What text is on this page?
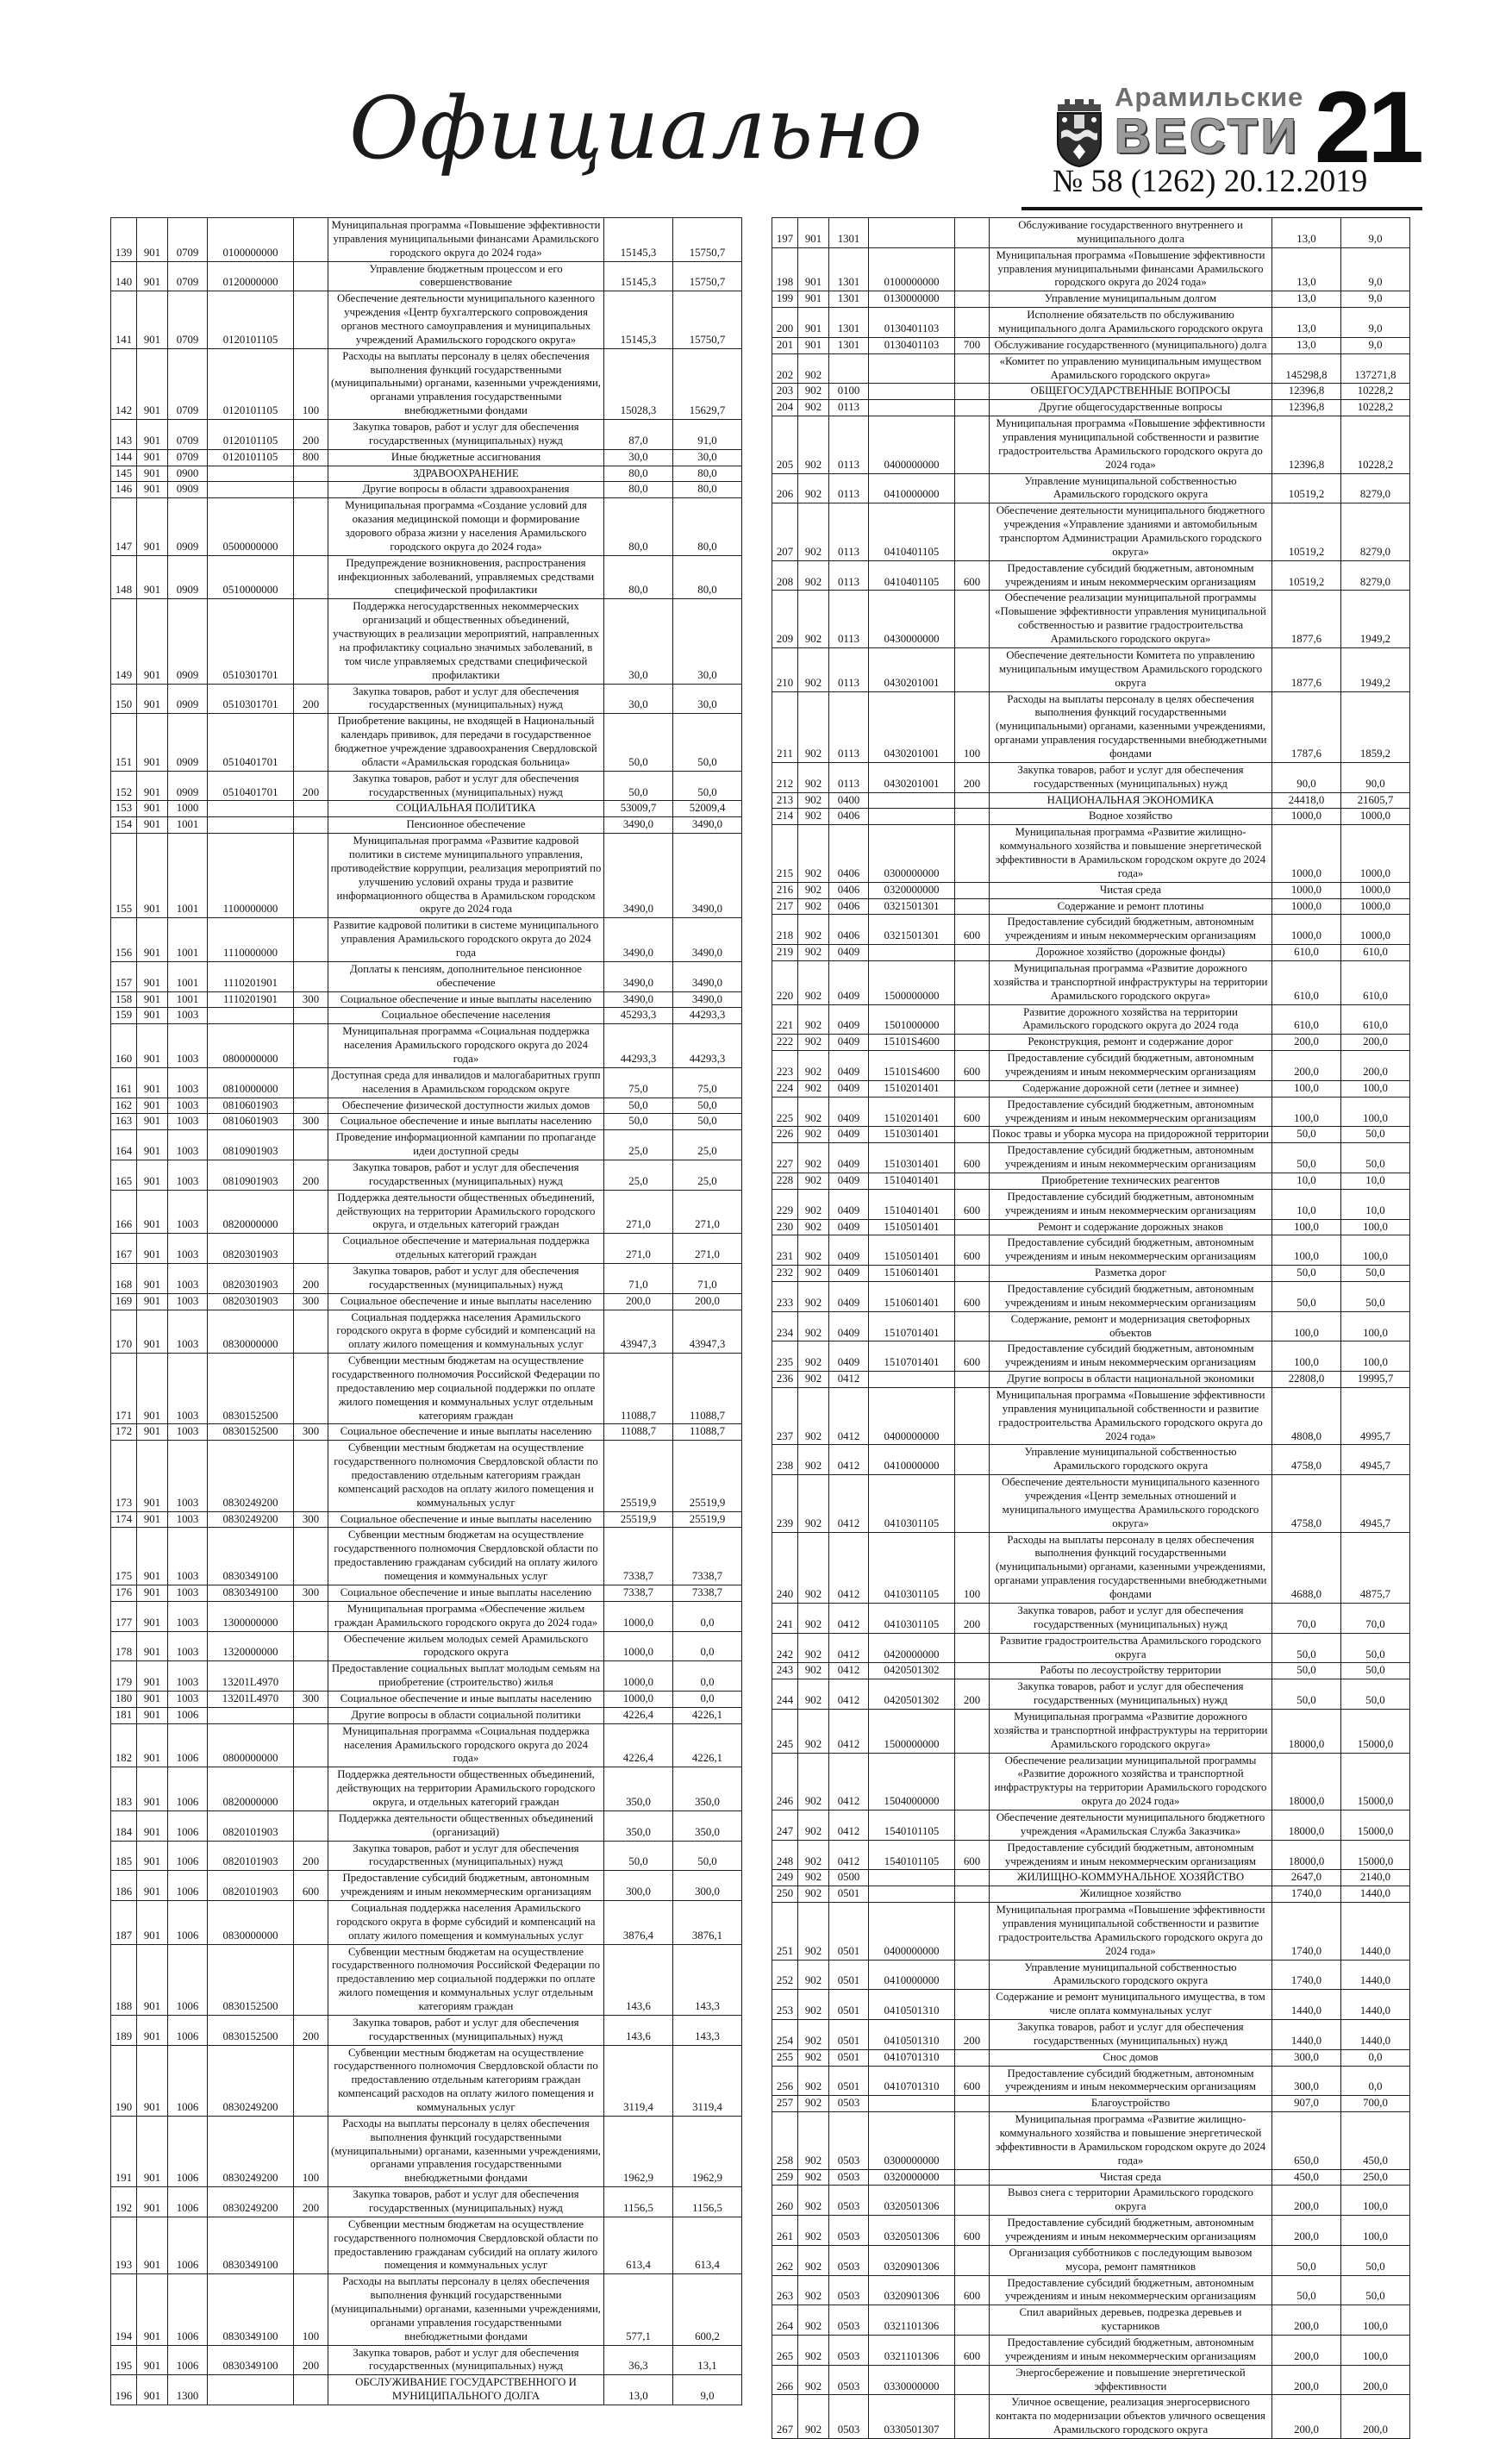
Официально	Арамильские
ВЕСТИ 21
№ 58 (1262) 20.12.2019
139	901	0709	0100000000		Муниципальная программа «Повышение эффективности управления муниципальными финансами Арамильского городского округа до 2024 года»	15145,3	15750,7
140	901	0709	0120000000		Управление бюджетным процессом и его совершенствование	15145,3	15750,7
141	901	0709	0120101105		Обеспечение деятельности муниципального казенного учреждения «Центр бухгалтерского сопровождения органов местного самоуправления и муниципальных учреждений Арамильского городского округа»	15145,3	15750,7
142	901	0709	0120101105	100	Расходы на выплаты персоналу в целях обеспечения выполнения функций государственными (муниципальными) органами, казенными учреждениями, органами управления государственными внебюджетными фондами	15028,3	15629,7
143	901	0709	0120101105	200	Закупка товаров, работ и услуг для обеспечения государственных (муниципальных) нужд	87,0	91,0
144	901	0709	0120101105	800	Иные бюджетные ассигнования	30,0	30,0
145	901	0900			ЗДРАВООХРАНЕНИЕ	80,0	80,0
146	901	0909			Другие вопросы в области здравоохранения	80,0	80,0
147	901	0909	0500000000		Муниципальная программа «Создание условий для оказания медицинской помощи и формирование здорового образа жизни у населения Арамильского городского округа до 2024 года»	80,0	80,0
148	901	0909	0510000000		Предупреждение возникновения, распространения инфекционных заболеваний, управляемых средствами специфической профилактики	80,0	80,0
149	901	0909	0510301701		Поддержка негосударственных некоммерческих организаций и общественных объединений, участвующих в реализации мероприятий, направленных на профилактику социально значимых заболеваний, в том числе управляемых средствами специфической профилактики	30,0	30,0
150	901	0909	0510301701	200	Закупка товаров, работ и услуг для обеспечения государственных (муниципальных) нужд	30,0	30,0
151	901	0909	0510401701		Приобретение вакцины, не входящей в Национальный календарь прививок, для передачи в государственное бюджетное учреждение здравоохранения Свердловской области «Арамильская городская больница»	50,0	50,0
152	901	0909	0510401701	200	Закупка товаров, работ и услуг для обеспечения государственных (муниципальных) нужд	50,0	50,0
153	901	1000			СОЦИАЛЬНАЯ ПОЛИТИКА	53009,7	52009,4
154	901	1001			Пенсионное обеспечение	3490,0	3490,0
155	901	1001	1100000000		Муниципальная программа «Развитие кадровой политики в системе муниципального управления, противодействие коррупции, реализация мероприятий по улучшению условий охраны труда и развитие информационного общества в Арамильском городском округе до 2024 года	3490,0	3490,0
156	901	1001	1110000000		Развитие кадровой политики в системе муниципального управления Арамильского городского округа до 2024 года	3490,0	3490,0
157	901	1001	1110201901		Доплаты к пенсиям, дополнительное пенсионное обеспечение	3490,0	3490,0
158	901	1001	1110201901	300	Социальное обеспечение и иные выплаты населению	3490,0	3490,0
159	901	1003			Социальное обеспечение населения	45293,3	44293,3
160	901	1003	0800000000		Муниципальная программа «Социальная поддержка населения Арамильского городского округа до 2024 года»	44293,3	44293,3
161	901	1003	0810000000		Доступная среда для инвалидов и малогабаритных групп населения в Арамильском городском округе	75,0	75,0
162	901	1003	0810601903		Обеспечение физической доступности жилых домов	50,0	50,0
163	901	1003	0810601903	300	Социальное обеспечение и иные выплаты населению	50,0	50,0
164	901	1003	0810901903		Проведение информационной кампании по пропаганде идеи доступной среды	25,0	25,0
165	901	1003	0810901903	200	Закупка товаров, работ и услуг для обеспечения государственных (муниципальных) нужд	25,0	25,0
166	901	1003	0820000000		Поддержка деятельности общественных объединений, действующих на территории Арамильского городского округа, и отдельных категорий граждан	271,0	271,0
167	901	1003	0820301903		Социальное обеспечение и материальная поддержка отдельных категорий граждан	271,0	271,0
168	901	1003	0820301903	200	Закупка товаров, работ и услуг для обеспечения государственных (муниципальных) нужд	71,0	71,0
169	901	1003	0820301903	300	Социальное обеспечение и иные выплаты населению	200,0	200,0
170	901	1003	0830000000		Социальная поддержка населения Арамильского городского округа в форме субсидий и компенсаций на оплату жилого помещения и коммунальных услуг	43947,3	43947,3
171	901	1003	0830152500		Субвенции местным бюджетам на осуществление государственного полномочия Российской Федерации по предоставлению мер социальной поддержки по оплате жилого помещения и коммунальных услуг отдельным категориям граждан	11088,7	11088,7
172	901	1003	0830152500	300	Социальное обеспечение и иные выплаты населению	11088,7	11088,7
173	901	1003	0830249200		Субвенции местным бюджетам на осуществление государственного полномочия Свердловской области по предоставлению отдельным категориям граждан компенсаций расходов на оплату жилого помещения и коммунальных услуг	25519,9	25519,9
174	901	1003	0830249200	300	Социальное обеспечение и иные выплаты населению	25519,9	25519,9
175	901	1003	0830349100		Субвенции местным бюджетам на осуществление государственного полномочия Свердловской области по предоставлению гражданам субсидий на оплату жилого помещения и коммунальных услуг	7338,7	7338,7
176	901	1003	0830349100	300	Социальное обеспечение и иные выплаты населению	7338,7	7338,7
177	901	1003	1300000000		Муниципальная программа «Обеспечение жильем граждан Арамильского городского округа до 2024 года»	1000,0	0,0
178	901	1003	1320000000		Обеспечение жильем молодых семей Арамильского городского округа	1000,0	0,0
179	901	1003	13201L4970		Предоставление социальных выплат молодым семьям на приобретение (строительство) жилья	1000,0	0,0
180	901	1003	13201L4970	300	Социальное обеспечение и иные выплаты населению	1000,0	0,0
181	901	1006			Другие вопросы в области социальной политики	4226,4	4226,1
182	901	1006	0800000000		Муниципальная программа «Социальная поддержка населения Арамильского городского округа до 2024 года»	4226,4	4226,1
183	901	1006	0820000000		Поддержка деятельности общественных объединений, действующих на территории Арамильского городского округа, и отдельных категорий граждан	350,0	350,0
184	901	1006	0820101903		Поддержка деятельности общественных объединений (организаций)	350,0	350,0
185	901	1006	0820101903	200	Закупка товаров, работ и услуг для обеспечения государственных (муниципальных) нужд	50,0	50,0
186	901	1006	0820101903	600	Предоставление субсидий бюджетным, автономным учреждениям и иным некоммерческим организациям	300,0	300,0
187	901	1006	0830000000		Социальная поддержка населения Арамильского городского округа в форме субсидий и компенсаций на оплату жилого помещения и коммунальных услуг	3876,4	3876,1
188	901	1006	0830152500		Субвенции местным бюджетам на осуществление государственного полномочия Российской Федерации по предоставлению мер социальной поддержки по оплате жилого помещения и коммунальных услуг отдельным категориям граждан	143,6	143,3
189	901	1006	0830152500	200	Закупка товаров, работ и услуг для обеспечения государственных (муниципальных) нужд	143,6	143,3
190	901	1006	0830249200		Субвенции местным бюджетам на осуществление государственного полномочия Свердловской области по предоставлению отдельным категориям граждан компенсаций расходов на оплату жилого помещения и коммунальных услуг	3119,4	3119,4
191	901	1006	0830249200	100	Расходы на выплаты персоналу в целях обеспечения выполнения функций государственными (муниципальными) органами, казенными учреждениями, органами управления государственными внебюджетными фондами	1962,9	1962,9
192	901	1006	0830249200	200	Закупка товаров, работ и услуг для обеспечения государственных (муниципальных) нужд	1156,5	1156,5
193	901	1006	0830349100		Субвенции местным бюджетам на осуществление государственного полномочия Свердловской области по предоставлению гражданам субсидий на оплату жилого помещения и коммунальных услуг	613,4	613,4
194	901	1006	0830349100	100	Расходы на выплаты персоналу в целях обеспечения выполнения функций государственными (муниципальными) органами, казенными учреждениями, органами управления государственными внебюджетными фондами	577,1	600,2
195	901	1006	0830349100	200	Закупка товаров, работ и услуг для обеспечения государственных (муниципальных) нужд	36,3	13,1
196	901	1300			ОБСЛУЖИВАНИЕ ГОСУДАРСТВЕННОГО И МУНИЦИПАЛЬНОГО ДОЛГА	13,0	9,0
197	901	1301			Обслуживание государственного внутреннего и муниципального долга	13,0	9,0
198	901	1301	0100000000		Муниципальная программа «Повышение эффективности управления муниципальными финансами Арамильского городского округа до 2024 года»	13,0	9,0
199	901	1301	0130000000		Управление муниципальным долгом	13,0	9,0
200	901	1301	0130401103		Исполнение обязательств по обслуживанию муниципального долга Арамильского городского округа	13,0	9,0
201	901	1301	0130401103	700	Обслуживание государственного (муниципального) долга	13,0	9,0
202	902				«Комитет по управлению муниципальным имуществом Арамильского городского округа»	145298,8	137271,8
203	902	0100			ОБЩЕГОСУДАРСТВЕННЫЕ ВОПРОСЫ	12396,8	10228,2
204	902	0113			Другие общегосударственные вопросы	12396,8	10228,2
205	902	0113	0400000000		Муниципальная программа «Повышение эффективности управления муниципальной собственности и развитие градостроительства Арамильского городского округа до 2024 года»	12396,8	10228,2
206	902	0113	0410000000		Управление муниципальной собственностью Арамильского городского округа	10519,2	8279,0
207	902	0113	0410401105		Обеспечение деятельности муниципального бюджетного учреждения «Управление зданиями и автомобильным транспортом Администрации Арамильского городского округа»	10519,2	8279,0
208	902	0113	0410401105	600	Предоставление субсидий бюджетным, автономным учреждениям и иным некоммерческим организациям	10519,2	8279,0
209	902	0113	0430000000		Обеспечение реализации муниципальной программы «Повышение эффективности управления муниципальной собственностью и развитие градостроительства Арамильского городского округа»	1877,6	1949,2
210	902	0113	0430201001		Обеспечение деятельности Комитета по управлению муниципальным имуществом Арамильского городского округа	1877,6	1949,2
211	902	0113	0430201001	100	Расходы на выплаты персоналу в целях обеспечения выполнения функций государственными (муниципальными) органами, казенными учреждениями, органами управления государственными внебюджетными фондами	1787,6	1859,2
212	902	0113	0430201001	200	Закупка товаров, работ и услуг для обеспечения государственных (муниципальных) нужд	90,0	90,0
213	902	0400			НАЦИОНАЛЬНАЯ ЭКОНОМИКА	24418,0	21605,7
214	902	0406			Водное хозяйство	1000,0	1000,0
215	902	0406	0300000000		Муниципальная программа «Развитие жилищно-коммунального хозяйства и повышение энергетической эффективности в Арамильском городском округе до 2024 года»	1000,0	1000,0
216	902	0406	0320000000		Чистая среда	1000,0	1000,0
217	902	0406	0321501301		Содержание и ремонт плотины	1000,0	1000,0
218	902	0406	0321501301	600	Предоставление субсидий бюджетным, автономным учреждениям и иным некоммерческим организациям	1000,0	1000,0
219	902	0409			Дорожное хозяйство (дорожные фонды)	610,0	610,0
220	902	0409	1500000000		Муниципальная программа «Развитие дорожного хозяйства и транспортной инфраструктуры на территории Арамильского городского округа»	610,0	610,0
221	902	0409	1501000000		Развитие дорожного хозяйства на территории Арамильского городского округа до 2024 года	610,0	610,0
222	902	0409	15101S4600		Реконструкция, ремонт и содержание дорог	200,0	200,0
223	902	0409	15101S4600	600	Предоставление субсидий бюджетным, автономным учреждениям и иным некоммерческим организациям	200,0	200,0
224	902	0409	1510201401		Содержание дорожной сети (летнее и зимнее)	100,0	100,0
225	902	0409	1510201401	600	Предоставление субсидий бюджетным, автономным учреждениям и иным некоммерческим организациям	100,0	100,0
226	902	0409	1510301401		Покос травы и уборка мусора на придорожной территории	50,0	50,0
227	902	0409	1510301401	600	Предоставление субсидий бюджетным, автономным учреждениям и иным некоммерческим организациям	50,0	50,0
228	902	0409	1510401401		Приобретение технических реагентов	10,0	10,0
229	902	0409	1510401401	600	Предоставление субсидий бюджетным, автономным учреждениям и иным некоммерческим организациям	10,0	10,0
230	902	0409	1510501401		Ремонт и содержание дорожных знаков	100,0	100,0
231	902	0409	1510501401	600	Предоставление субсидий бюджетным, автономным учреждениям и иным некоммерческим организациям	100,0	100,0
232	902	0409	1510601401		Разметка дорог	50,0	50,0
233	902	0409	1510601401	600	Предоставление субсидий бюджетным, автономным учреждениям и иным некоммерческим организациям	50,0	50,0
234	902	0409	1510701401		Содержание, ремонт и модернизация светофорных объектов	100,0	100,0
235	902	0409	1510701401	600	Предоставление субсидий бюджетным, автономным учреждениям и иным некоммерческим организациям	100,0	100,0
236	902	0412			Другие вопросы в области национальной экономики	22808,0	19995,7
237	902	0412	0400000000		Муниципальная программа «Повышение эффективности управления муниципальной собственности и развитие градостроительства Арамильского городского округа до 2024 года»	4808,0	4995,7
238	902	0412	0410000000		Управление муниципальной собственностью Арамильского городского округа	4758,0	4945,7
239	902	0412	0410301105		Обеспечение деятельности муниципального казенного учреждения «Центр земельных отношений и муниципального имущества Арамильского городского округа»	4758,0	4945,7
240	902	0412	0410301105	100	Расходы на выплаты персоналу в целях обеспечения выполнения функций государственными (муниципальными) органами, казенными учреждениями, органами управления государственными внебюджетными фондами	4688,0	4875,7
241	902	0412	0410301105	200	Закупка товаров, работ и услуг для обеспечения государственных (муниципальных) нужд	70,0	70,0
242	902	0412	0420000000		Развитие градостроительства Арамильского городского округа	50,0	50,0
243	902	0412	0420501302		Работы по лесоустройству территории	50,0	50,0
244	902	0412	0420501302	200	Закупка товаров, работ и услуг для обеспечения государственных (муниципальных) нужд	50,0	50,0
245	902	0412	1500000000		Муниципальная программа «Развитие дорожного хозяйства и транспортной инфраструктуры на территории Арамильского городского округа»	18000,0	15000,0
246	902	0412	1504000000		Обеспечение реализации муниципальной программы «Развитие дорожного хозяйства и транспортной инфраструктуры на территории Арамильского городского округа до 2024 года»	18000,0	15000,0
247	902	0412	1540101105		Обеспечение деятельности муниципального бюджетного учреждения «Арамильская Служба Заказчика»	18000,0	15000,0
248	902	0412	1540101105	600	Предоставление субсидий бюджетным, автономным учреждениям и иным некоммерческим организациям	18000,0	15000,0
249	902	0500			ЖИЛИЩНО-КОММУНАЛЬНОЕ ХОЗЯЙСТВО	2647,0	2140,0
250	902	0501			Жилищное хозяйство	1740,0	1440,0
251	902	0501	0400000000		Муниципальная программа «Повышение эффективности управления муниципальной собственности и развитие градостроительства Арамильского городского округа до 2024 года»	1740,0	1440,0
252	902	0501	0410000000		Управление муниципальной собственностью Арамильского городского округа	1740,0	1440,0
253	902	0501	0410501310		Содержание и ремонт муниципального имущества, в том числе оплата коммунальных услуг	1440,0	1440,0
254	902	0501	0410501310	200	Закупка товаров, работ и услуг для обеспечения государственных (муниципальных) нужд	1440,0	1440,0
255	902	0501	0410701310		Снос домов	300,0	0,0
256	902	0501	0410701310	600	Предоставление субсидий бюджетным, автономным учреждениям и иным некоммерческим организациям	300,0	0,0
257	902	0503			Благоустройство	907,0	700,0
258	902	0503	0300000000		Муниципальная программа «Развитие жилищно-коммунального хозяйства и повышение энергетической эффективности в Арамильском городском округе до 2024 года»	650,0	450,0
259	902	0503	0320000000		Чистая среда	450,0	250,0
260	902	0503	0320501306		Вывоз снега с территории Арамильского городского округа	200,0	100,0
261	902	0503	0320501306	600	Предоставление субсидий бюджетным, автономным учреждениям и иным некоммерческим организациям	200,0	100,0
262	902	0503	0320901306		Организация субботников с последующим вывозом мусора, ремонт памятников	50,0	50,0
263	902	0503	0320901306	600	Предоставление субсидий бюджетным, автономным учреждениям и иным некоммерческим организациям	50,0	50,0
264	902	0503	0321101306		Спил аварийных деревьев, подрезка деревьев и кустарников	200,0	100,0
265	902	0503	0321101306	600	Предоставление субсидий бюджетным, автономным учреждениям и иным некоммерческим организациям	200,0	100,0
266	902	0503	0330000000		Энергосбережение и повышение энергетической эффективности	200,0	200,0
267	902	0503	0330501307		Уличное освещение, реализация энергосервисного контакта по модернизации объектов уличного освещения Арамильского городского округа	200,0	200,0
